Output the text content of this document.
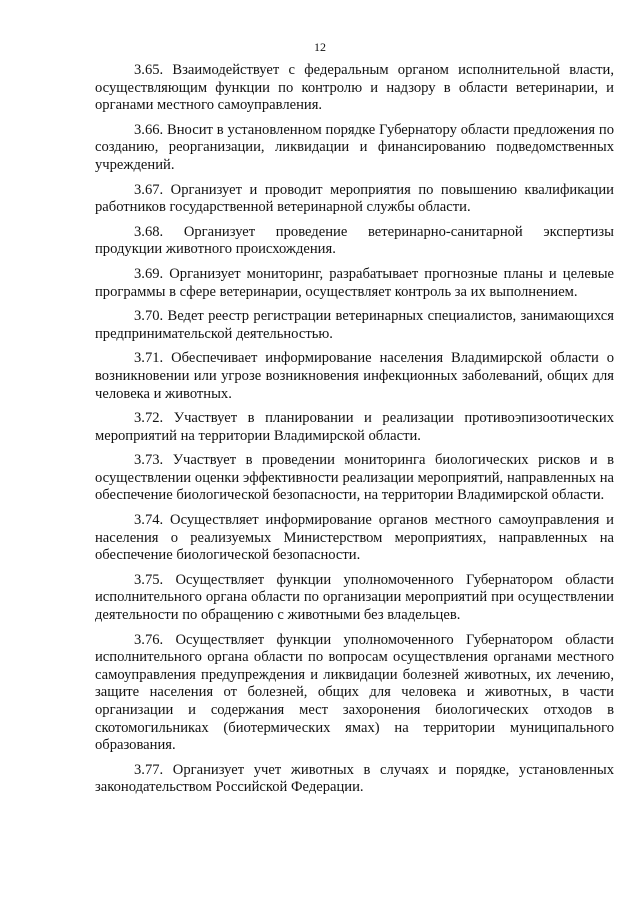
12

3.65. Взаимодействует с федеральным органом исполнительной власти, осуществляющим функции по контролю и надзору в области ветеринарии, и органами местного самоуправления.

3.66. Вносит в установленном порядке Губернатору области предложения по созданию, реорганизации, ликвидации и финансированию подведомственных учреждений.

3.67. Организует и проводит мероприятия по повышению квалификации работников государственной ветеринарной службы области.

3.68. Организует проведение ветеринарно-санитарной экспертизы продукции животного происхождения.

3.69. Организует мониторинг, разрабатывает прогнозные планы и целевые программы в сфере ветеринарии, осуществляет контроль за их выполнением.

3.70. Ведет реестр регистрации ветеринарных специалистов, занимающихся предпринимательской деятельностью.

3.71. Обеспечивает информирование населения Владимирской области о возникновении или угрозе возникновения инфекционных заболеваний, общих для человека и животных.

3.72. Участвует в планировании и реализации противоэпизоотических мероприятий на территории Владимирской области.

3.73. Участвует в проведении мониторинга биологических рисков и в осуществлении оценки эффективности реализации мероприятий, направленных на обеспечение биологической безопасности, на территории Владимирской области.

3.74. Осуществляет информирование органов местного самоуправления и населения о реализуемых Министерством мероприятиях, направленных на обеспечение биологической безопасности.

3.75. Осуществляет функции уполномоченного Губернатором области исполнительного органа области по организации мероприятий при осуществлении деятельности по обращению с животными без владельцев.

3.76. Осуществляет функции уполномоченного Губернатором области исполнительного органа области по вопросам осуществления органами местного самоуправления предупреждения и ликвидации болезней животных, их лечению, защите населения от болезней, общих для человека и животных, в части организации и содержания мест захоронения биологических отходов в скотомогильниках (биотермических ямах) на территории муниципального образования.

3.77. Организует учет животных в случаях и порядке, установленных законодательством Российской Федерации.
